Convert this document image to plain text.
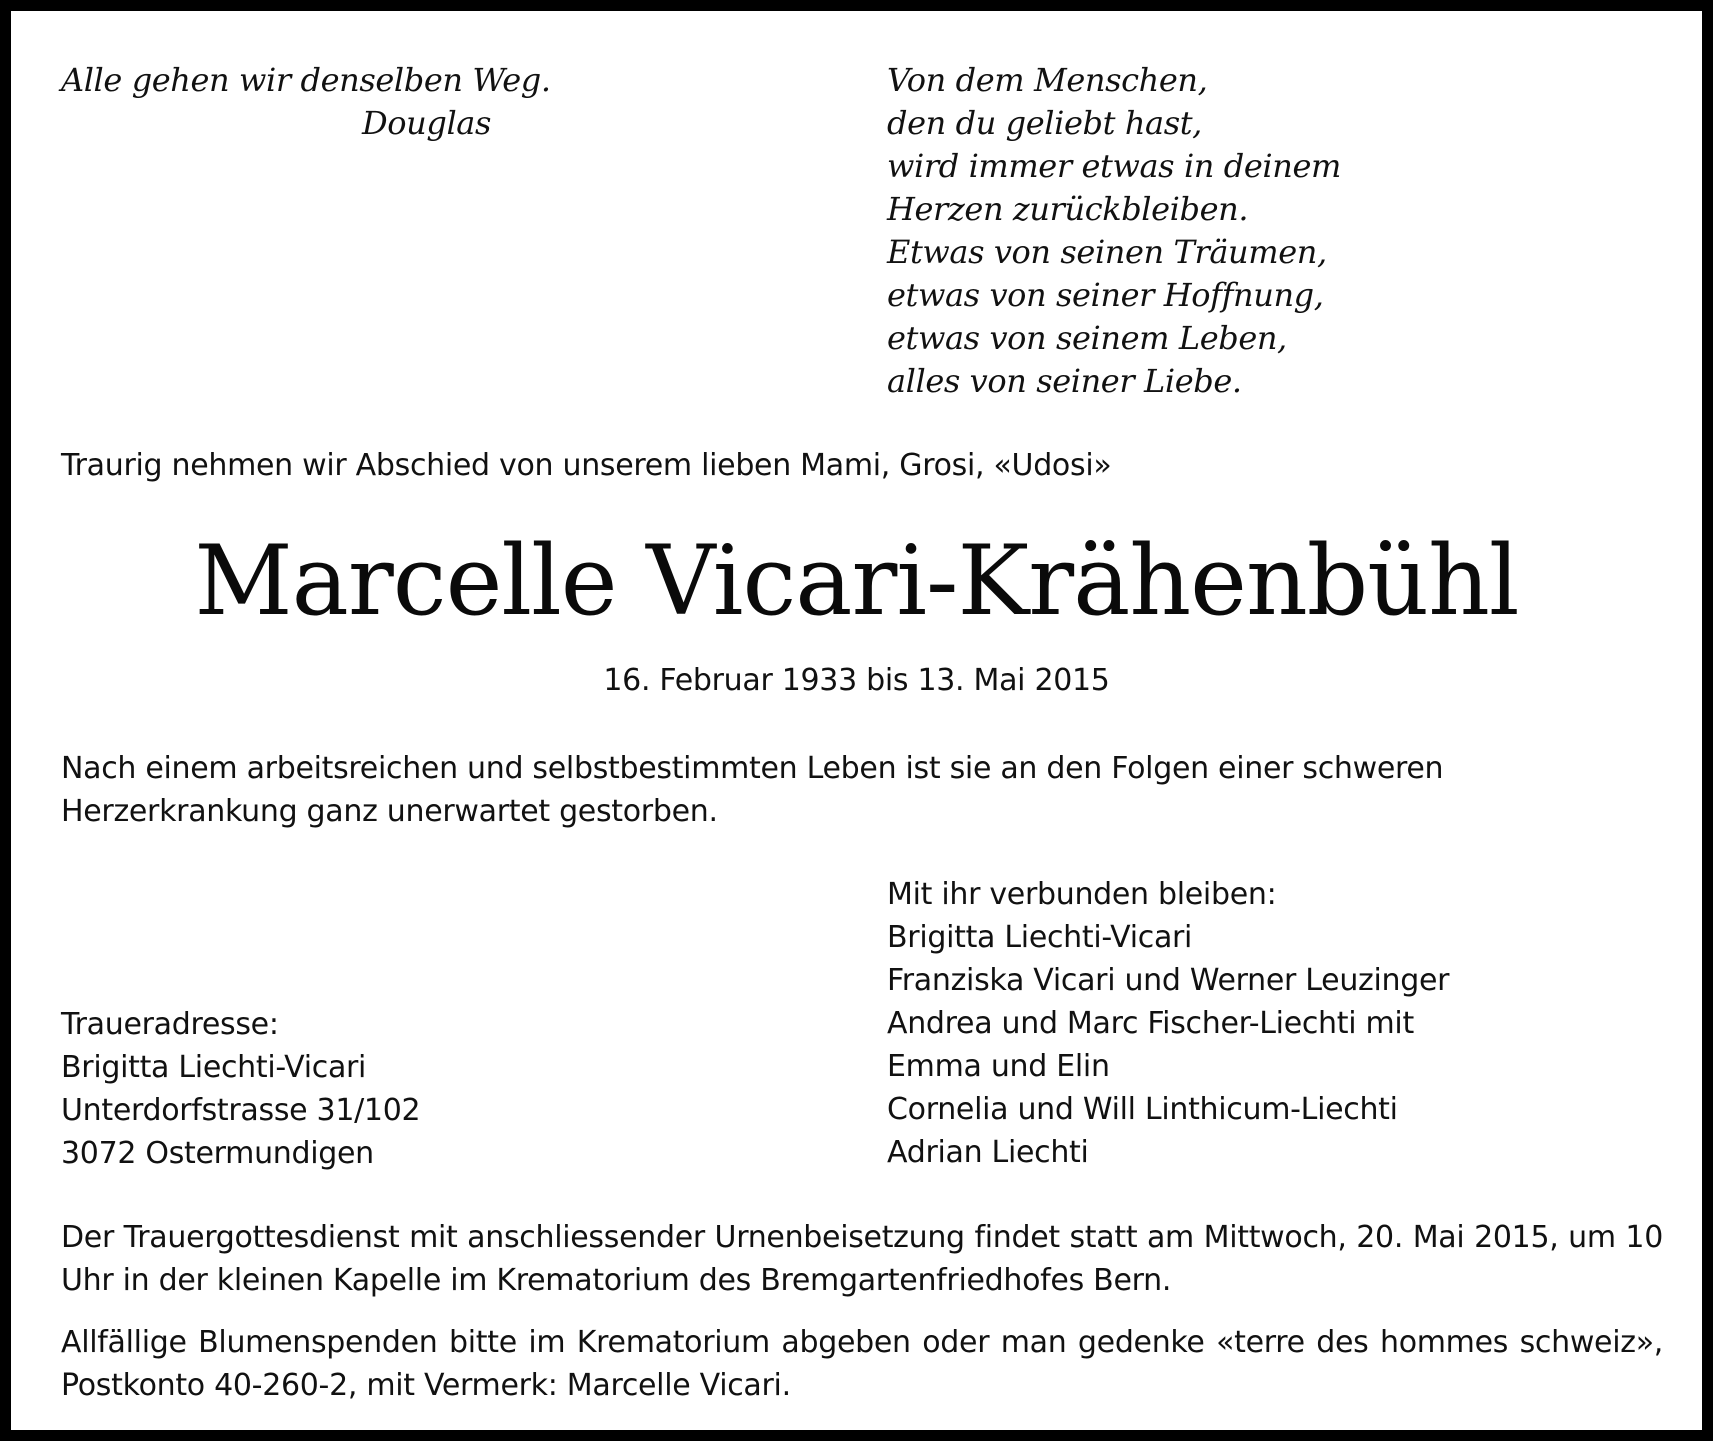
Alle gehen wir denselben Weg.
Douglas
Von dem Menschen,
den du geliebt hast,
wird immer etwas in deinem
Herzen zurückbleiben.
Etwas von seinen Träumen,
etwas von seiner Hoffnung,
etwas von seinem Leben,
alles von seiner Liebe.
Traurig nehmen wir Abschied von unserem lieben Mami, Grosi, «Udosi»
Marcelle Vicari-Krähenbühl
16. Februar 1933 bis 13. Mai 2015
Nach einem arbeitsreichen und selbstbestimmten Leben ist sie an den Folgen einer schweren Herzerkrankung ganz unerwartet gestorben.
Mit ihr verbunden bleiben:
Brigitta Liechti-Vicari
Franziska Vicari und Werner Leuzinger
Andrea und Marc Fischer-Liechti mit
Emma und Elin
Cornelia und Will Linthicum-Liechti
Adrian Liechti
Traueradresse:
Brigitta Liechti-Vicari
Unterdorfstrasse 31/102
3072 Ostermundigen
Der Trauergottesdienst mit anschliessender Urnenbeisetzung findet statt am Mittwoch, 20. Mai 2015, um 10 Uhr in der kleinen Kapelle im Krematorium des Bremgartenfriedhofes Bern.
Allfällige Blumenspenden bitte im Krematorium abgeben oder man gedenke «terre des hommes schweiz», Postkonto 40-260-2, mit Vermerk: Marcelle Vicari.
